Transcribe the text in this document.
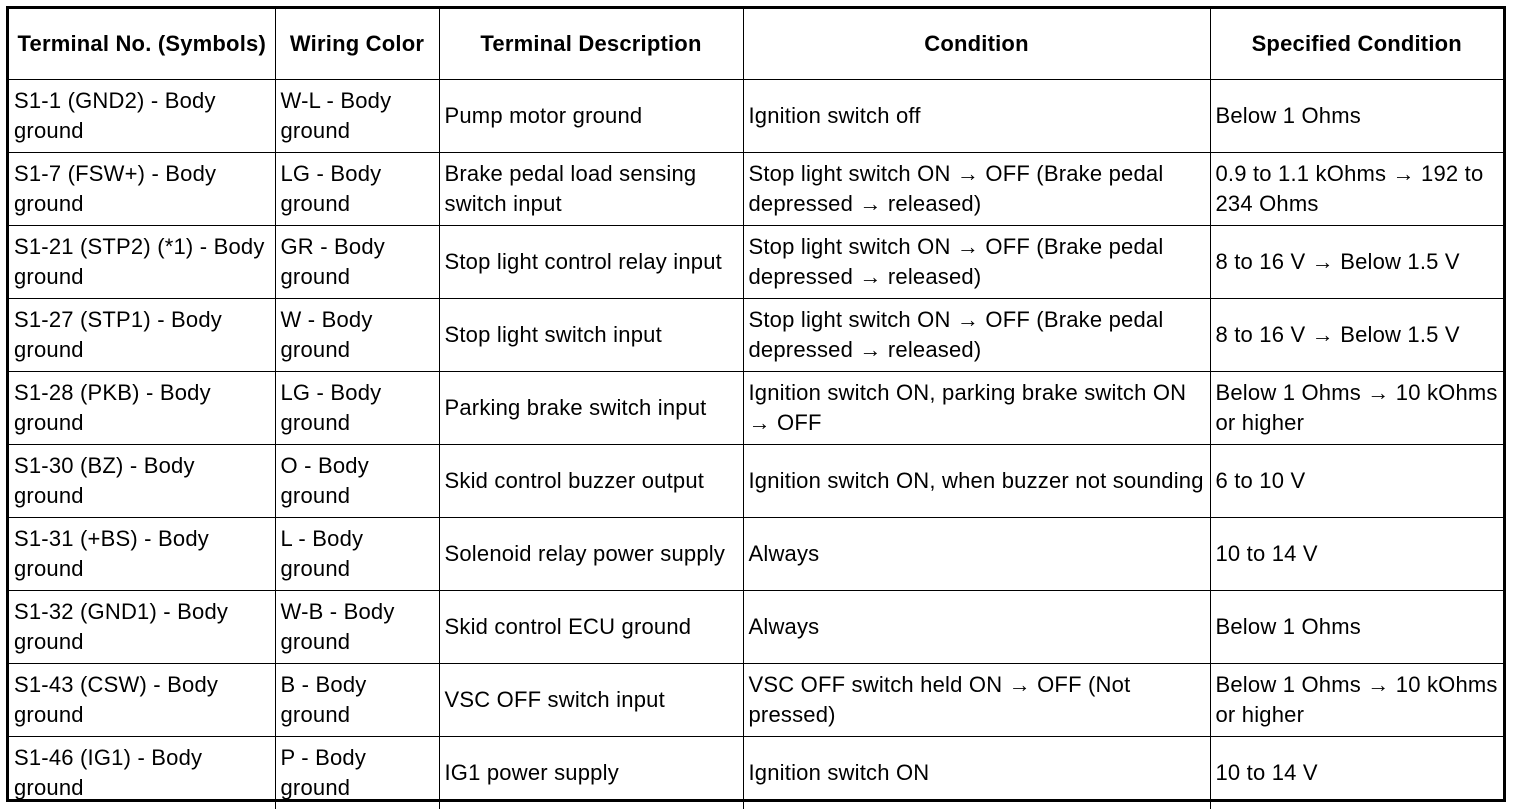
Terminal No. (Symbols)	Wiring Color	Terminal Description	Condition	Specified Condition
S1-1 (GND2) - Body ground	W-L - Body ground	Pump motor ground	Ignition switch off	Below 1 Ohms
S1-7 (FSW+) - Body ground	LG - Body ground	Brake pedal load sensing switch input	Stop light switch ON → OFF (Brake pedal depressed → released)	0.9 to 1.1 kOhms → 192 to 234 Ohms
S1-21 (STP2) (*1) - Body ground	GR - Body ground	Stop light control relay input	Stop light switch ON → OFF (Brake pedal depressed → released)	8 to 16 V → Below 1.5 V
S1-27 (STP1) - Body ground	W - Body ground	Stop light switch input	Stop light switch ON → OFF (Brake pedal depressed → released)	8 to 16 V → Below 1.5 V
S1-28 (PKB) - Body ground	LG - Body ground	Parking brake switch input	Ignition switch ON, parking brake switch ON → OFF	Below 1 Ohms → 10 kOhms or higher
S1-30 (BZ) - Body ground	O - Body ground	Skid control buzzer output	Ignition switch ON, when buzzer not sounding	6 to 10 V
S1-31 (+BS) - Body ground	L - Body ground	Solenoid relay power supply	Always	10 to 14 V
S1-32 (GND1) - Body ground	W-B - Body ground	Skid control ECU ground	Always	Below 1 Ohms
S1-43 (CSW) - Body ground	B - Body ground	VSC OFF switch input	VSC OFF switch held ON → OFF (Not pressed)	Below 1 Ohms → 10 kOhms or higher
S1-46 (IG1) - Body ground	P - Body ground	IG1 power supply	Ignition switch ON	10 to 14 V
